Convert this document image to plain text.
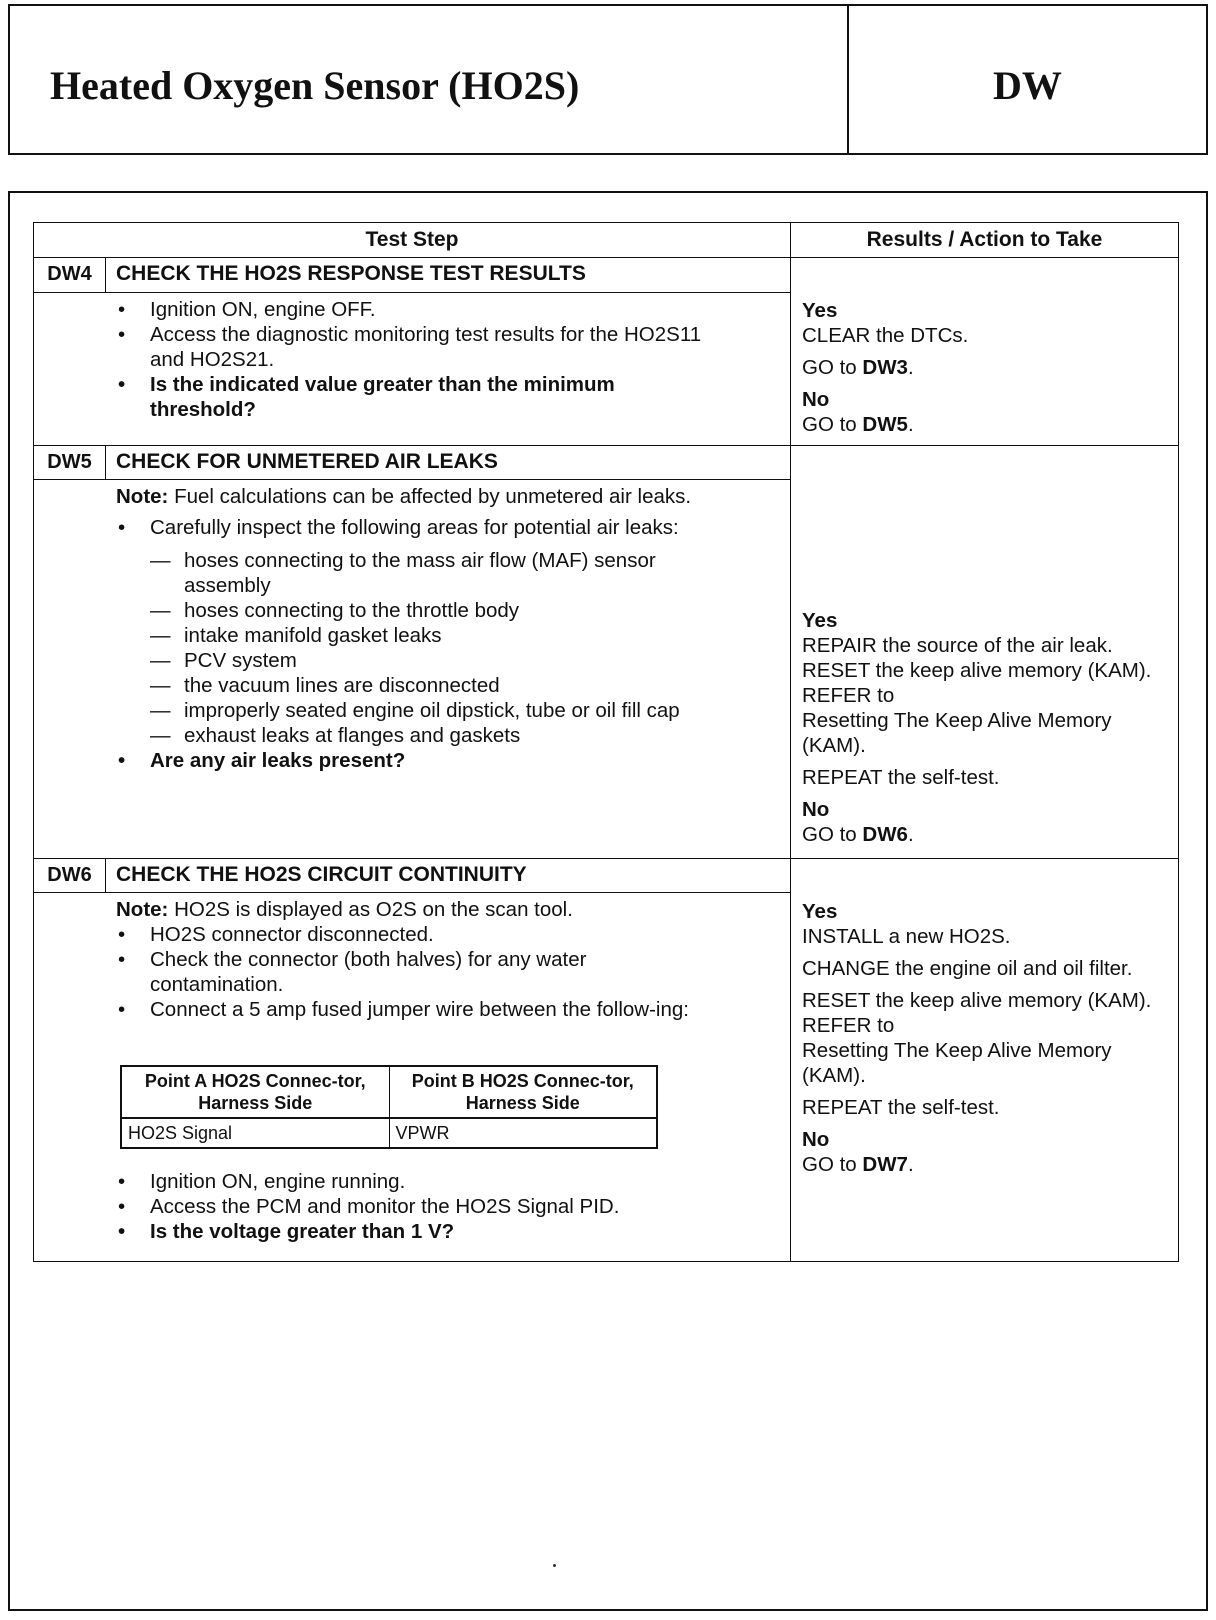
Heated Oxygen Sensor (HO2S)	DW
Test Step	Results / Action to Take
DW4	CHECK THE HO2S RESPONSE TEST RESULTS
• Ignition ON, engine OFF.
• Access the diagnostic monitoring test results for the HO2S11 and HO2S21.
• Is the indicated value greater than the minimum threshold?

Yes

CLEAR the DTCs.

GO to DW3.

No

GO to DW5.

DW5	CHECK FOR UNMETERED AIR LEAKS

Note: Fuel calculations can be affected by unmetered air leaks.

• Carefully inspect the following areas for potential air leaks:
— hoses connecting to the mass air flow (MAF) sensor assembly
— hoses connecting to the throttle body
— intake manifold gasket leaks
— PCV system
— the vacuum lines are disconnected
— improperly seated engine oil dipstick, tube or oil fill cap
— exhaust leaks at flanges and gaskets
• Are any air leaks present?

Yes

REPAIR the source of the air leak.

RESET the keep alive memory (KAM). REFER to

Resetting The Keep Alive Memory (KAM).

REPEAT the self-test.

No

GO to DW6.

DW6	CHECK THE HO2S CIRCUIT CONTINUITY

Note: HO2S is displayed as O2S on the scan tool.

• HO2S connector disconnected.
• Check the connector (both halves) for any water contamination.
• Connect a 5 amp fused jumper wire between the follow-ing:
Point A HO2S Connec-tor, Harness Side	Point B HO2S Connec-tor, Harness Side
HO2S Signal	VPWR
• Ignition ON, engine running.
• Access the PCM and monitor the HO2S Signal PID.
• Is the voltage greater than 1 V?

Yes

INSTALL a new HO2S.

CHANGE the engine oil and oil filter.

RESET the keep alive memory (KAM). REFER to

Resetting The Keep Alive Memory (KAM).

REPEAT the self-test.

No

GO to DW7.
